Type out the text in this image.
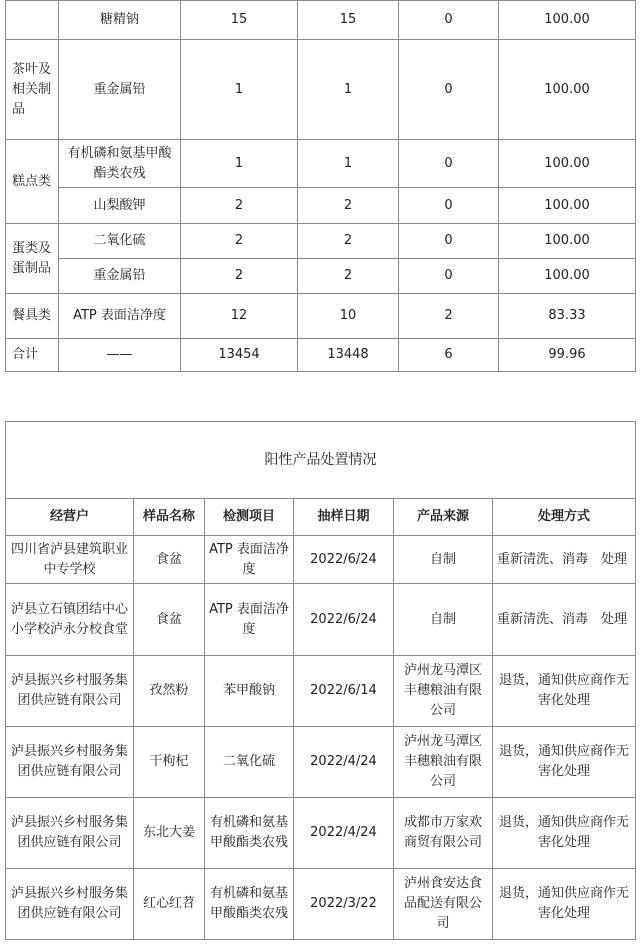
	糖精钠	15	15	0	100.00
茶叶及相关制品	重金属铅	1	1	0	100.00
糕点类	有机磷和氨基甲酸酯类农残	1	1	0	100.00
	山梨酸钾	2	2	0	100.00
蛋类及蛋制品	二氧化硫	2	2	0	100.00
	重金属铅	2	2	0	100.00
餐具类	ATP 表面洁净度	12	10	2	83.33
合计	——	13454	13448	6	99.96
阳性产品处置情况					
经营户	样品名称	检测项目	抽样日期	产品来源	处理方式
四川省泸县建筑职业中专学校	食盆	ATP 表面洁净度	2022/6/24	自制	重新清洗、消毒　处理
泸县立石镇团结中心小学校泸永分校食堂	食盆	ATP 表面洁净度	2022/6/24	自制	重新清洗、消毒　处理
泸县振兴乡村服务集团供应链有限公司	孜然粉	苯甲酸钠	2022/6/14	泸州龙马潭区丰穗粮油有限公司	退货，通知供应商作无害化处理
泸县振兴乡村服务集团供应链有限公司	干枸杞	二氧化硫	2022/4/24	泸州龙马潭区丰穗粮油有限公司	退货，通知供应商作无害化处理
泸县振兴乡村服务集团供应链有限公司	东北大姜	有机磷和氨基甲酸酯类农残	2022/4/24	成都市万家欢商贸有限公司	退货，通知供应商作无害化处理
泸县振兴乡村服务集团供应链有限公司	红心红苕	有机磷和氨基甲酸酯类农残	2022/3/22	泸州食安达食品配送有限公司	退货，通知供应商作无害化处理
